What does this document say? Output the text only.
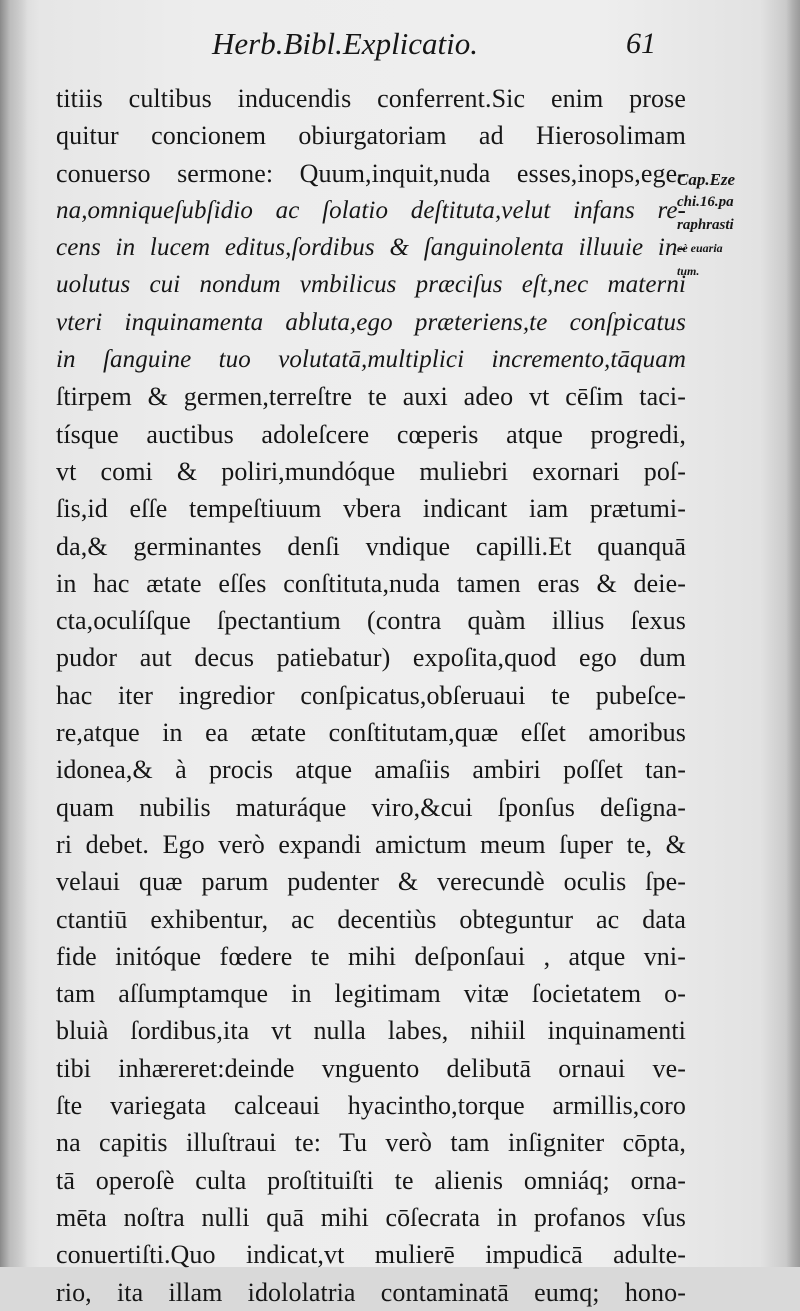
Herb.Bibl.Explicatio.	61
titiis cultibus inducendis conferrent.Sic enim prose
quitur concionem obiurgatoriam ad Hierosolimam
conuerso sermone: Quum,inquit,nuda esses,inops,ege-
na,omniqueſubſidio ac ſolatio deſtituta,velut infans re-
cens in lucem editus,ſordibus & ſanguinolenta illuuie in-
uolutus cui nondum vmbilicus præciſus eſt,nec materni
vteri inquinamenta abluta,ego præteriens,te conſpicatus
in ſanguine tuo volutatā,multiplici incremento,tāquam
ſtirpem & germen,terreſtre te auxi adeo vt cēſim taci-
tísque auctibus adoleſcere cœperis atque progredi,
vt comi & poliri,mundóque muliebri exornari poſ-
ſis,id eſſe tempeſtiuum vbera indicant iam prætumi-
da,& germinantes denſi vndique capilli.Et quanquā
in hac ætate eſſes conſtituta,nuda tamen eras & deie-
cta,oculíſque ſpectantium (contra quàm illius ſexus
pudor aut decus patiebatur) expoſita,quod ego dum
hac iter ingredior conſpicatus,obſeruaui te pubeſce-
re,atque in ea ætate conſtitutam,quæ eſſet amoribus
idonea,& à procis atque amaſiis ambiri poſſet tan-
quam nubilis maturáque viro,&cui ſponſus deſigna-
ri debet. Ego verò expandi amictum meum ſuper te, &
velaui quæ parum pudenter & verecundè oculis ſpe-
ctantiū exhibentur, ac decentiùs obteguntur ac data
fide initóque fœdere te mihi deſponſaui , atque vni-
tam aſſumptamque in legitimam vitæ ſocietatem o-
bluià ſordibus,ita vt nulla labes, nihiil inquinamenti
tibi inhæreret:deinde vnguento delibutā ornaui ve-
ſte variegata calceaui hyacintho,torque armillis,coro
na capitis illuſtraui te: Tu verò tam inſigniter cōpta,
tā operoſè culta proſtituiſti te alienis omniáq; orna-
mēta noſtra nulli quā mihi cōſecrata in profanos vſus
conuertiſti.Quo indicat,vt mulierē impudicā adulte-
rio, ita illam idololatria contaminatā eumq; hono-
Cap.Eze
chi.16.pa
raphrasti
cè euaria
tum.
